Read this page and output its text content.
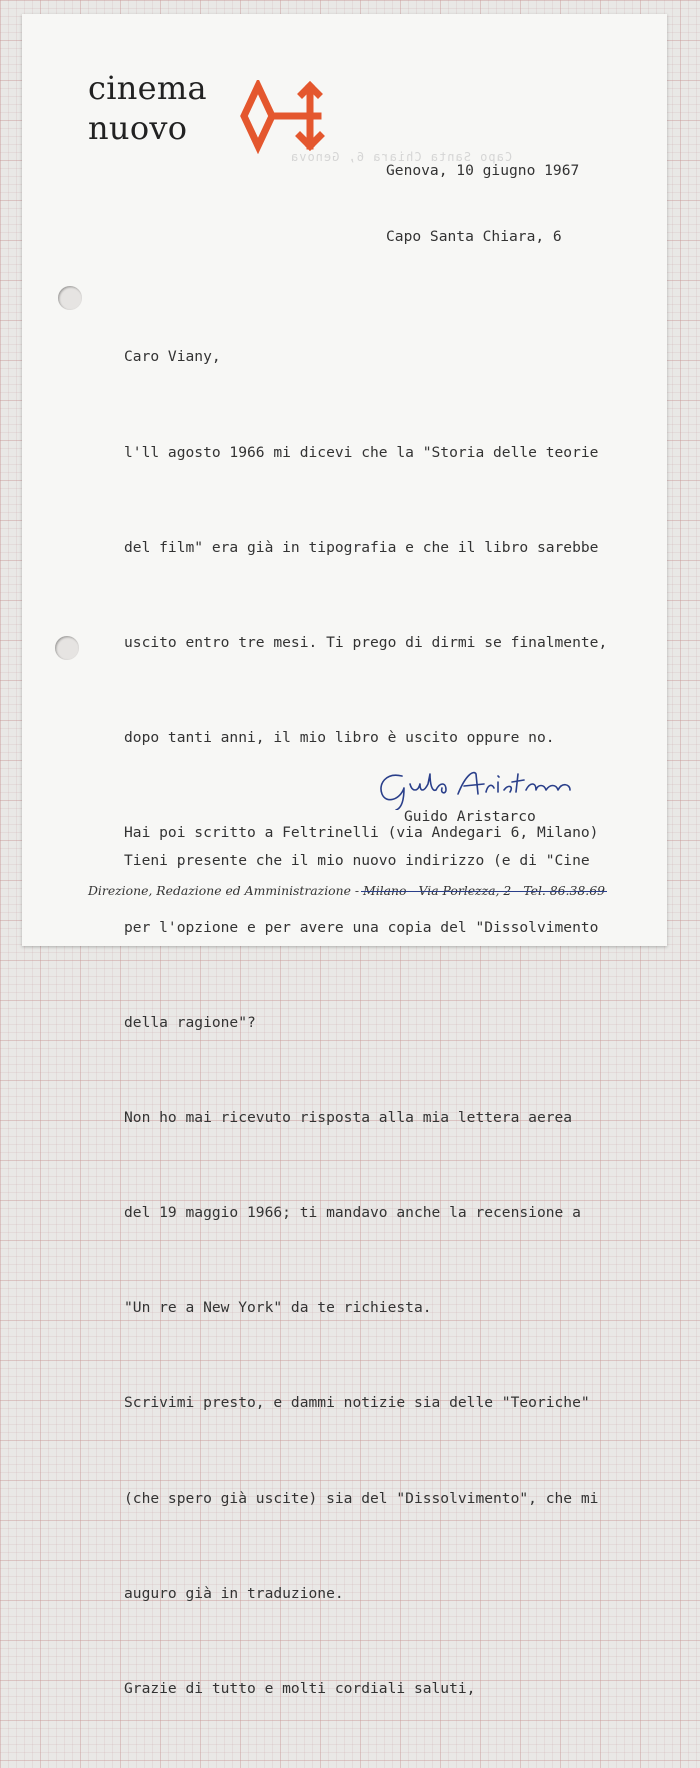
cinema
nuovo

Genova, 10 giugno 1967

Capo Santa Chiara, 6

Capo Santa Chiara 6, Genova

Caro Viany,

l'll agosto 1966 mi dicevi che la "Storia delle teorie

del film" era già in tipografia e che il libro sarebbe

uscito entro tre mesi. Ti prego di dirmi se finalmente,

dopo tanti anni, il mio libro è uscito oppure no.

Hai poi scritto a Feltrinelli (via Andegari 6, Milano)

per l'opzione e per avere una copia del "Dissolvimento

della ragione"?

Non ho mai ricevuto risposta alla mia lettera aerea

del 19 maggio 1966; ti mandavo anche la recensione a

"Un re a New York" da te richiesta.

Scrivimi presto, e dammi notizie sia delle "Teoriche"

(che spero già uscite) sia del "Dissolvimento", che mi

auguro già in traduzione.

Grazie di tutto e molti cordiali saluti,

Guido Aristarco
Tieni presente che il mio nuovo indirizzo (e di "Cine
Direzione, Redazione ed Amministrazione - Milano - Via Porlezza, 2 - Tel. 86.38.69
